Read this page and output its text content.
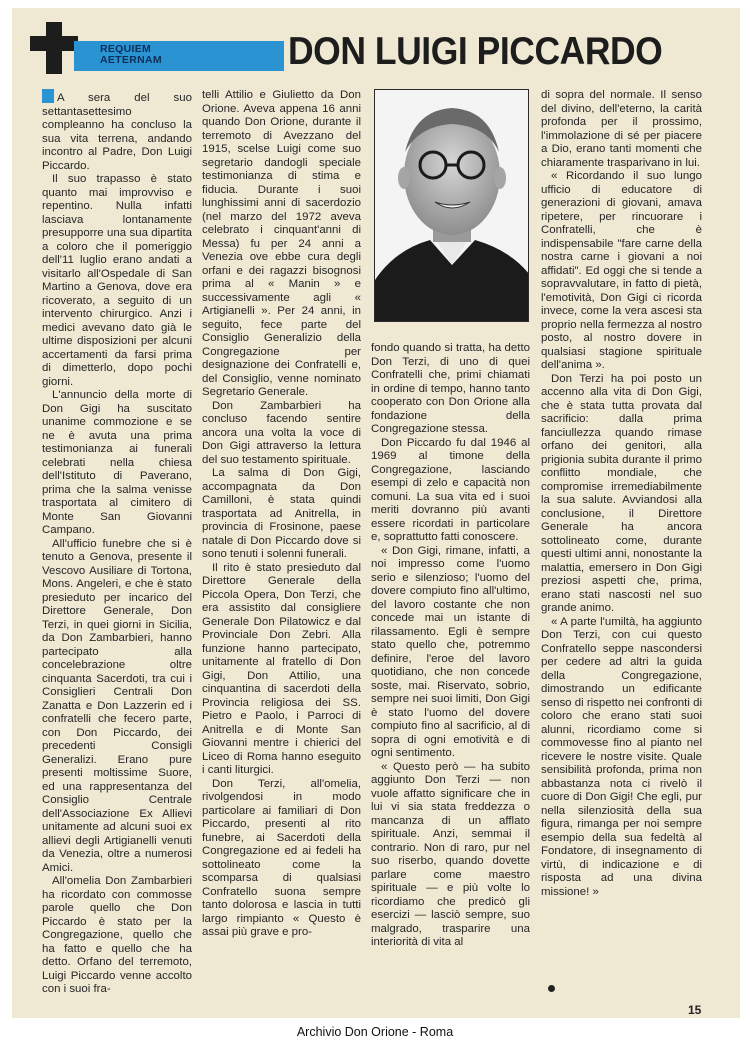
REQUIEM
AETERNAM	DON LUIGI PICCARDO

A sera del suo settantasettesimo compleanno ha concluso la sua vita terrena, andando incontro al Padre, Don Luigi Piccardo.

Il suo trapasso è stato quanto mai improvviso e repentino. Nulla infatti lasciava lontanamente presupporre una sua dipartita a coloro che il pomeriggio dell'11 luglio erano andati a visitarlo all'Ospedale di San Martino a Genova, dove era ricoverato, a seguito di un intervento chirurgico. Anzi i medici avevano dato già le ultime disposizioni per alcuni accertamenti da farsi prima di dimetterlo, dopo pochi giorni.

L'annuncio della morte di Don Gigi ha suscitato unanime commozione e se ne è avuta una prima testimonianza ai funerali celebrati nella chiesa dell'Istituto di Paverano, prima che la salma venisse trasportata al cimitero di Monte San Giovanni Campano.

All'ufficio funebre che si è tenuto a Genova, presente il Vescovo Ausiliare di Tortona, Mons. Angeleri, e che è stato presieduto per incarico del Direttore Generale, Don Terzi, in quei giorni in Sicilia, da Don Zambarbieri, hanno partecipato alla concelebrazione oltre cinquanta Sacerdoti, tra cui i Consiglieri Centrali Don Zanatta e Don Lazzerin ed i confratelli che fecero parte, con Don Piccardo, dei precedenti Consigli Generalizi. Erano pure presenti moltissime Suore, ed una rappresentanza del Consiglio Centrale dell'Associazione Ex Allievi unitamente ad alcuni suoi ex allievi degli Artigianelli venuti da Venezia, oltre a numerosi Amici.

All'omelia Don Zambarbieri ha ricordato con commosse parole quello che Don Piccardo è stato per la Congregazione, quello che ha fatto e quello che ha detto. Orfano del terremoto, Luigi Piccardo venne accolto con i suoi fra-

telli Attilio e Giulietto da Don Orione. Aveva appena 16 anni quando Don Orione, durante il terremoto di Avezzano del 1915, scelse Luigi come suo segretario dandogli speciale testimonianza di stima e fiducia. Durante i suoi lunghissimi anni di sacerdozio (nel marzo del 1972 aveva celebrato i cinquant'anni di Messa) fu per 24 anni a Venezia ove ebbe cura degli orfani e dei ragazzi bisognosi prima al « Manin » e successivamente agli « Artigianelli ». Per 24 anni, in seguito, fece parte del Consiglio Generalizio della Congregazione per designazione dei Confratelli e, del Consiglio, venne nominato Segretario Generale.

Don Zambarbieri ha concluso facendo sentire ancora una volta la voce di Don Gigi attraverso la lettura del suo testamento spirituale.

La salma di Don Gigi, accompagnata da Don Camilloni, è stata quindi trasportata ad Anitrella, in provincia di Frosinone, paese natale di Don Piccardo dove si sono tenuti i solenni funerali.

Il rito è stato presieduto dal Direttore Generale della Piccola Opera, Don Terzi, che era assistito dal consigliere Generale Don Pilatowicz e dal Provinciale Don Zebri. Alla funzione hanno partecipato, unitamente al fratello di Don Gigi, Don Attilio, una cinquantina di sacerdoti della Provincia religiosa dei SS. Pietro e Paolo, i Parroci di Anitrella e di Monte San Giovanni mentre i chierici del Liceo di Roma hanno eseguito i canti liturgici.

Don Terzi, all'omelia, rivolgendosi in modo particolare ai familiari di Don Piccardo, presenti al rito funebre, ai Sacerdoti della Congregazione ed ai fedeli ha sottolineato come la scomparsa di qualsiasi Confratello suona sempre tanto dolorosa e lascia in tutti largo rimpianto « Questo è assai più grave e pro-

fondo quando si tratta, ha detto Don Terzi, di uno di quei Confratelli che, primi chiamati in ordine di tempo, hanno tanto cooperato con Don Orione alla fondazione della Congregazione stessa.

Don Piccardo fu dal 1946 al 1969 al timone della Congregazione, lasciando esempi di zelo e capacità non comuni. La sua vita ed i suoi meriti dovranno più avanti essere ricordati in particolare e, soprattutto fatti conoscere.

« Don Gigi, rimane, infatti, a noi impresso come l'uomo serio e silenzioso; l'uomo del dovere compiuto fino all'ultimo, del lavoro costante che non concede mai un istante di rilassamento. Egli è sempre stato quello che, potremmo definire, l'eroe del lavoro quotidiano, che non concede soste, mai. Riservato, sobrio, sempre nei suoi limiti, Don Gigi è stato l'uomo del dovere compiuto fino al sacrificio, al di sopra di ogni emotività e di ogni sentimento.

« Questo però — ha subito aggiunto Don Terzi — non vuole affatto significare che in lui vi sia stata freddezza o mancanza di un afflato spirituale. Anzi, semmai il contrario. Non di raro, pur nel suo riserbo, quando dovette parlare come maestro spirituale — e più volte lo ricordiamo che predicò gli esercizi — lasciò sempre, suo malgrado, trasparire una interiorità di vita al

di sopra del normale. Il senso del divino, dell'eterno, la carità profonda per il prossimo, l'immolazione di sé per piacere a Dio, erano tanti momenti che chiaramente trasparivano in lui.

« Ricordando il suo lungo ufficio di educatore di generazioni di giovani, amava ripetere, per rincuorare i Confratelli, che è indispensabile "fare carne della nostra carne i giovani a noi affidati". Ed oggi che si tende a sopravvalutare, in fatto di pietà, l'emotività, Don Gigi ci ricorda invece, come la vera ascesi sta proprio nella fermezza al nostro posto, al nostro dovere in qualsiasi stagione spirituale dell'anima ».

Don Terzi ha poi posto un accenno alla vita di Don Gigi, che è stata tutta provata dal sacrificio: dalla prima fanciullezza quando rimase orfano dei genitori, alla prigionia subita durante il primo conflitto mondiale, che compromise irremediabilmente la sua salute. Avviandosi alla conclusione, il Direttore Generale ha ancora sottolineato come, durante questi ultimi anni, nonostante la malattia, emersero in Don Gigi preziosi aspetti che, prima, erano stati nascosti nel suo grande animo.

« A parte l'umiltà, ha aggiunto Don Terzi, con cui questo Confratello seppe nascondersi per cedere ad altri la guida della Congregazione, dimostrando un edificante senso di rispetto nei confronti di coloro che erano stati suoi alunni, ricordiamo come si commovesse fino al pianto nel ricevere le nostre visite. Quale sensibilità profonda, prima non abbastanza nota ci rivelò il cuore di Don Gigi! Che egli, pur nella silenziosità della sua figura, rimanga per noi sempre esempio della sua fedeltà al Fondatore, di insegnamento di virtù, di indicazione e di risposta ad una divina missione! »

15
Archivio Don Orione - Roma
